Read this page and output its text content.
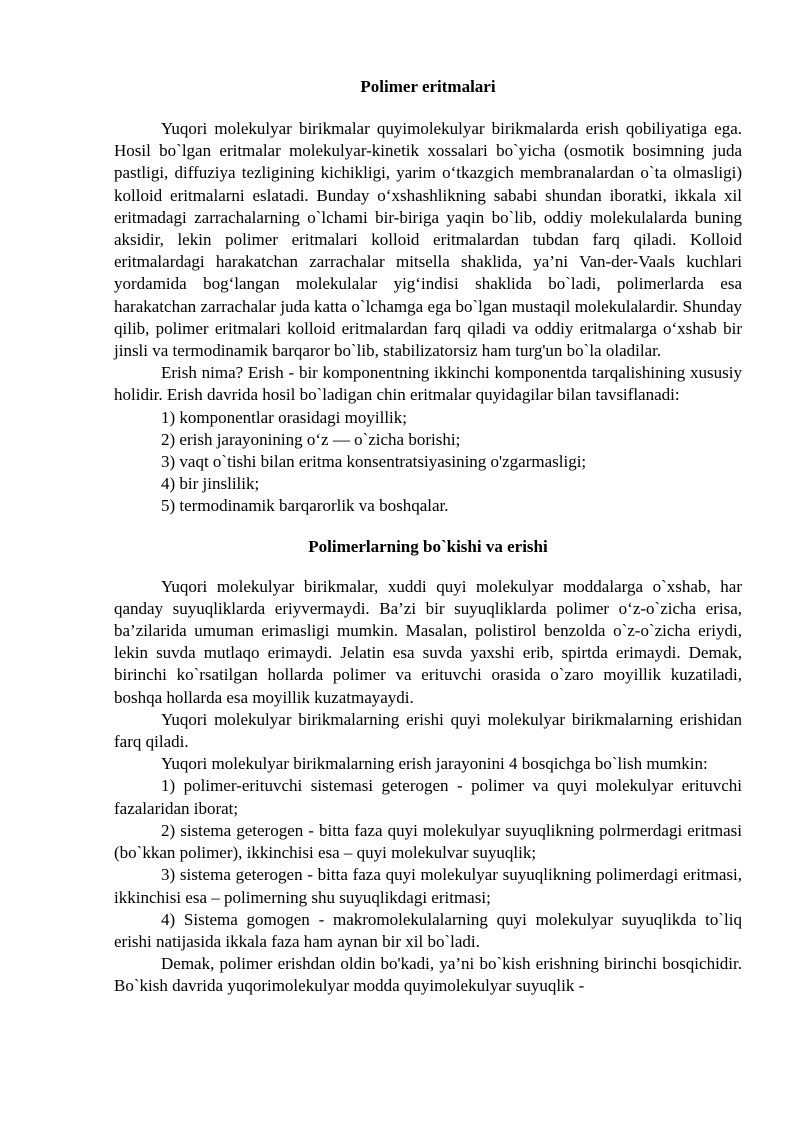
Polimer eritmalari

Yuqori molekulyar birikmalar quyimolekulyar birikmalarda erish qobiliyatiga ega. Hosil bo`lgan eritmalar molekulyar-kinetik xossalari bo`yicha (osmotik bosimning juda pastligi, diffuziya tezligining kichikligi, yarim o‘tkazgich membranalardan o`ta olmasligi) kolloid eritmalarni eslatadi. Bunday o‘xshashlikning sababi shundan iboratki, ikkala xil eritmadagi zarrachalarning o`lchami bir-biriga yaqin bo`lib, oddiy molekulalarda buning aksidir, lekin polimer eritmalari kolloid eritmalardan tubdan farq qiladi. Kolloid eritmalardagi harakatchan zarrachalar mitsella shaklida, ya’ni Van-der-Vaals kuchlari yordamida bog‘langan molekulalar yig‘indisi shaklida bo`ladi, polimerlarda esa harakatchan zarrachalar juda katta o`lchamga ega bo`lgan mustaqil molekulalardir. Shunday qilib, polimer eritmalari kolloid eritmalardan farq qiladi va oddiy eritmalarga o‘xshab bir jinsli va termodinamik barqaror bo`lib, stabilizatorsiz ham turg'un bo`la oladilar.

Erish nima? Erish - bir komponentning ikkinchi komponentda tarqalishining xususiy holidir. Erish davrida hosil bo`ladigan chin eritmalar quyidagilar bilan tavsiflanadi:

1) komponentlar orasidagi moyillik;

2) erish jarayonining o‘z — o`zicha borishi;

3) vaqt o`tishi bilan eritma konsentratsiyasining o'zgarmasligi;

4) bir jinslilik;

5) termodinamik barqarorlik va boshqalar.

Polimerlarning bo`kishi va erishi

Yuqori molekulyar birikmalar, xuddi quyi molekulyar moddalarga o`xshab, har qanday suyuqliklarda eriyvermaydi. Ba’zi bir suyuqliklarda polimer o‘z-o`zicha erisa, ba’zilarida umuman erimasligi mumkin. Masalan, polistirol benzolda o`z-o`zicha eriydi, lekin suvda mutlaqo erimaydi. Jelatin esa suvda yaxshi erib, spirtda erimaydi. Demak, birinchi ko`rsatilgan hollarda polimer va erituvchi orasida o`zaro moyillik kuzatiladi, boshqa hollarda esa moyillik kuzatmayaydi.

Yuqori molekulyar birikmalarning erishi quyi molekulyar birikmalarning erishidan farq qiladi.

Yuqori molekulyar birikmalarning erish jarayonini 4 bosqichga bo`lish mumkin:

1) polimer-erituvchi sistemasi geterogen - polimer va quyi molekulyar erituvchi fazalaridan iborat;

2) sistema geterogen - bitta faza quyi molekulyar suyuqlikning polrmerdagi eritmasi (bo`kkan polimer), ikkinchisi esa – quyi molekulvar suyuqlik;

3) sistema geterogen - bitta faza quyi molekulyar suyuqlikning polimerdagi eritmasi, ikkinchisi esa – polimerning shu suyuqlikdagi eritmasi;

4) Sistema gomogen - makromolekulalarning quyi molekulyar suyuqlikda to`liq erishi natijasida ikkala faza ham aynan bir xil bo`ladi.

Demak, polimer erishdan oldin bo'kadi, ya’ni bo`kish erishning birinchi bosqichidir. Bo`kish davrida yuqorimolekulyar modda quyimolekulyar suyuqlik -
